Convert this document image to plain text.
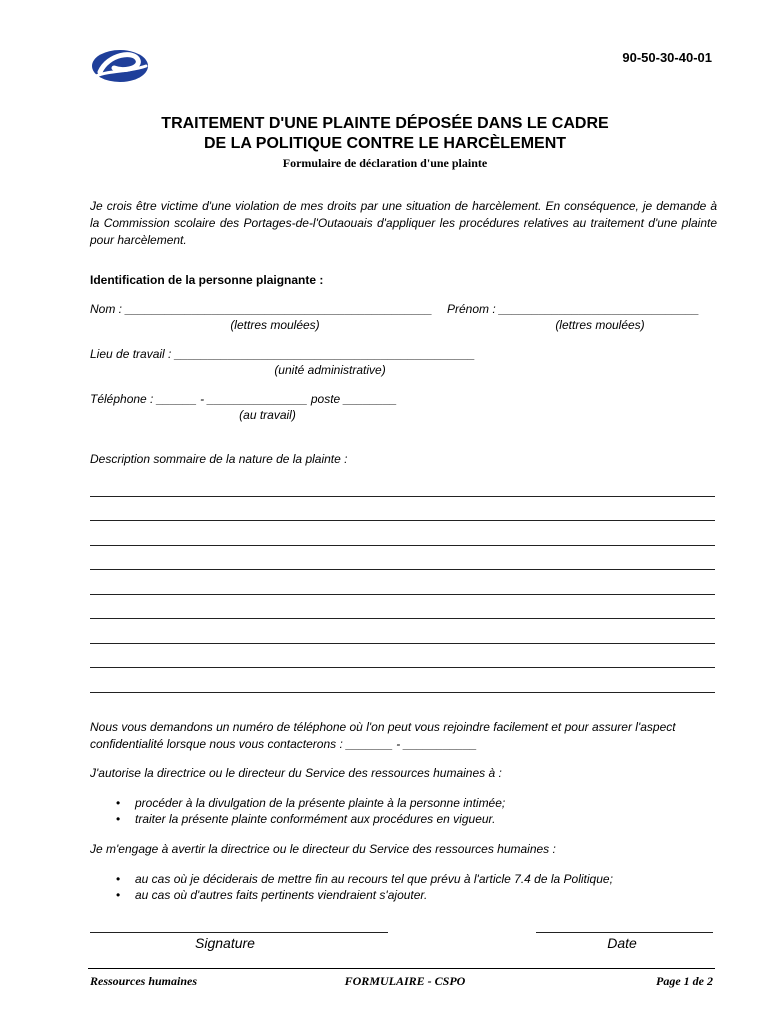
90-50-30-40-01
TRAITEMENT D'UNE PLAINTE DÉPOSÉE DANS LE CADRE
DE LA POLITIQUE CONTRE LE HARCÈLEMENT
Formulaire de déclaration d'une plainte
Je crois être victime d'une violation de mes droits par une situation de harcèlement. En conséquence, je demande à la Commission scolaire des Portages-de-l'Outaouais d'appliquer les procédures relatives au traitement d'une plainte pour harcèlement.
Identification de la personne plaignante :
Nom : ______________________________________________
(lettres moulées)
Prénom : ______________________________
(lettres moulées)
Lieu de travail : _____________________________________________
(unité administrative)
Téléphone : ______ - _______________ poste ________
(au travail)
Description sommaire de la nature de la plainte :
Nous vous demandons un numéro de téléphone où l'on peut vous rejoindre facilement et pour assurer l'aspect confidentialité lorsque nous vous contacterons : _______ - ___________
J'autorise la directrice ou le directeur du Service des ressources humaines à :
• procéder à la divulgation de la présente plainte à la personne intimée;
• traiter la présente plainte conformément aux procédures en vigueur.
Je m'engage à avertir la directrice ou le directeur du Service des ressources humaines :
• au cas où je déciderais de mettre fin au recours tel que prévu à l'article 7.4 de la Politique;
• au cas où d'autres faits pertinents viendraient s'ajouter.
Signature	Date
Ressources humaines	FORMULAIRE - CSPO	Page 1 de 2
